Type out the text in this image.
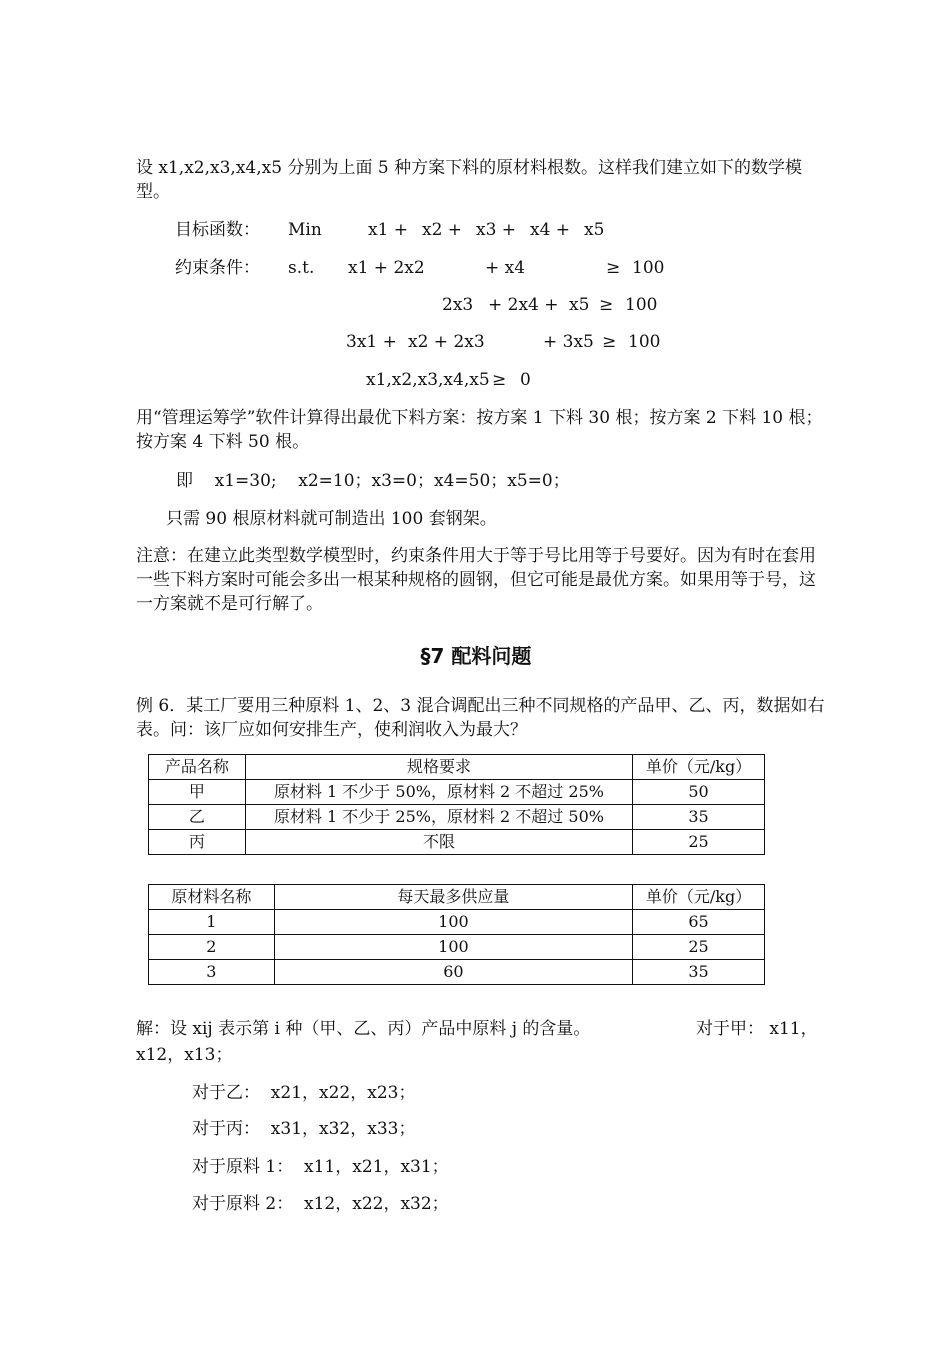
设 x1,x2,x3,x4,x5 分别为上面 5 种方案下料的原材料根数。这样我们建立如下的数学模型。
目标函数： Min	x1 + x2 + x3 + x4 + x5
约束条件： s.t. x1 + 2x2	+ x4	≥ 100
2x3 + 2x4 + x5 ≥ 100
3x1 + x2 + 2x3	+ 3x5 ≥ 100
x1,x2,x3,x4,x5 ≥ 0
用“管理运筹学”软件计算得出最优下料方案：按方案 1 下料 30 根；按方案 2 下料 10 根；按方案 4 下料 50 根。
即    x1=30;    x2=10；x3=0；x4=50；x5=0；
只需 90 根原材料就可制造出 100 套钢架。
注意：在建立此类型数学模型时，约束条件用大于等于号比用等于号要好。因为有时在套用一些下料方案时可能会多出一根某种规格的圆钢，但它可能是最优方案。如果用等于号，这一方案就不是可行解了。
§7 配料问题
例 6．某工厂要用三种原料 1、2、3 混合调配出三种不同规格的产品甲、乙、丙，数据如右表。问：该厂应如何安排生产，使利润收入为最大？
产品名称	规格要求	单价（元/kg）
甲	原材料 1 不少于 50%，原材料 2 不超过 25%	50
乙	原材料 1 不少于 25%，原材料 2 不超过 50%	35
丙	不限	25
原材料名称	每天最多供应量	单价（元/kg）
1	100	65
2	100	25
3	60	35
解：设 xij 表示第 i 种（甲、乙、丙）产品中原料 j 的含量。	对于甲： x11，
x12，x13；
对于乙：  x21，x22，x23；
对于丙：  x31，x32，x33；
对于原料 1：  x11，x21，x31；
对于原料 2：  x12，x22，x32；
